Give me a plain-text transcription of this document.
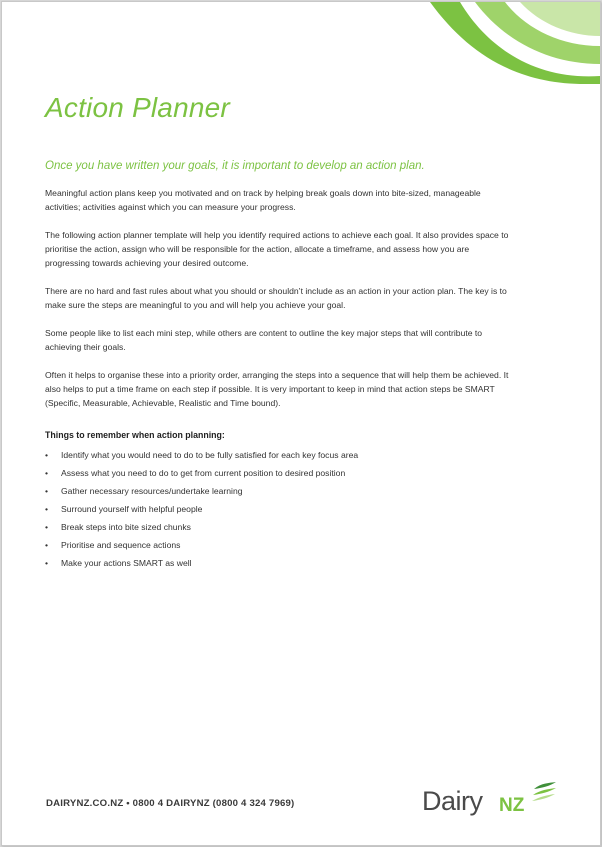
Action Planner
Once you have written your goals, it is important to develop an action plan.

Meaningful action plans keep you motivated and on track by helping break goals down into bite-sized, manageable activities; activities against which you can measure your progress.

The following action planner template will help you identify required actions to achieve each goal. It also provides space to prioritise the action, assign who will be responsible for the action, allocate a timeframe, and assess how you are progressing towards achieving your desired outcome.

There are no hard and fast rules about what you should or shouldn’t include as an action in your action plan. The key is to make sure the steps are meaningful to you and will help you achieve your goal.

Some people like to list each mini step, while others are content to outline the key major steps that will contribute to achieving their goals.

Often it helps to organise these into a priority order, arranging the steps into a sequence that will help them be achieved. It also helps to put a time frame on each step if possible. It is very important to keep in mind that action steps be SMART (Specific, Measurable, Achievable, Realistic and Time bound).

Things to remember when action planning:
• Identify what you would need to do to be fully satisfied for each key focus area
• Assess what you need to do to get from current position to desired position
• Gather necessary resources/undertake learning
• Surround yourself with helpful people
• Break steps into bite sized chunks
• Prioritise and sequence actions
• Make your actions SMART as well
DAIRYNZ.CO.NZ • 0800 4 DAIRYNZ (0800 4 324 7969)	Dairy NZ
